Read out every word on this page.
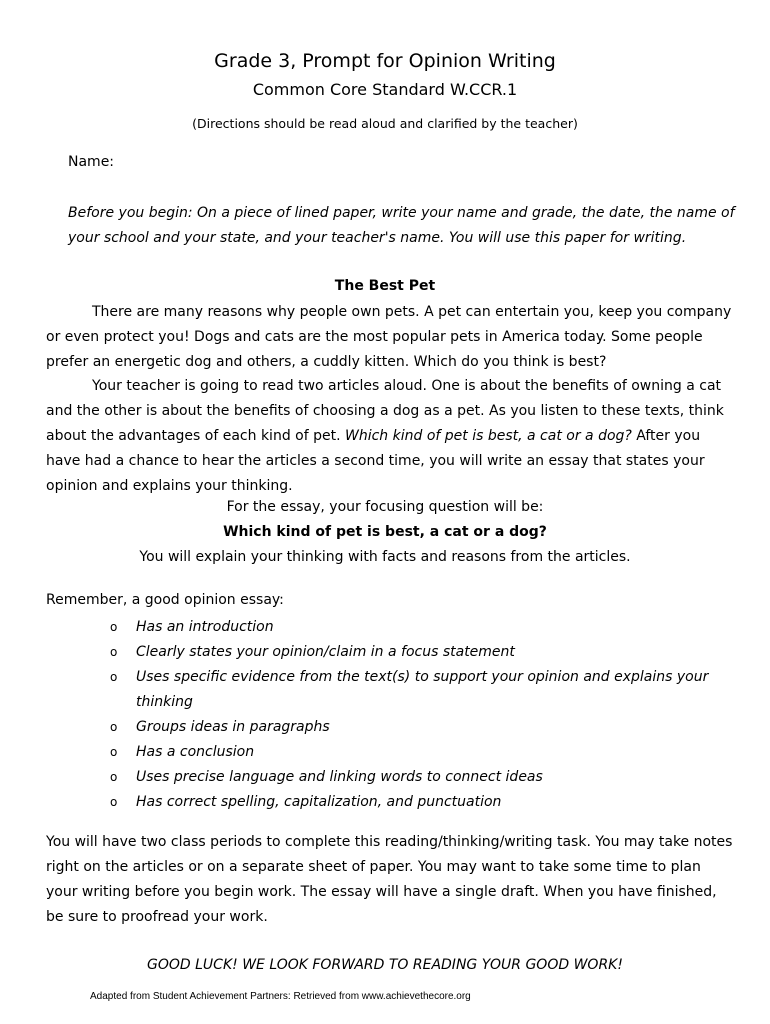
Grade 3, Prompt for Opinion Writing
Common Core Standard W.CCR.1
(Directions should be read aloud and clarified by the teacher)
Name:
Before you begin: On a piece of lined paper, write your name and grade, the date, the name of your school and your state, and your teacher's name. You will use this paper for writing.
The Best Pet
There are many reasons why people own pets. A pet can entertain you, keep you company or even protect you! Dogs and cats are the most popular pets in America today. Some people prefer an energetic dog and others, a cuddly kitten. Which do you think is best?
Your teacher is going to read two articles aloud. One is about the benefits of owning a cat and the other is about the benefits of choosing a dog as a pet. As you listen to these texts, think about the advantages of each kind of pet. Which kind of pet is best, a cat or a dog? After you have had a chance to hear the articles a second time, you will write an essay that states your opinion and explains your thinking.
For the essay, your focusing question will be:
Which kind of pet is best, a cat or a dog?
You will explain your thinking with facts and reasons from the articles.
Remember, a good opinion essay:
o Has an introduction
o Clearly states your opinion/claim in a focus statement
o Uses specific evidence from the text(s) to support your opinion and explains your thinking
o Groups ideas in paragraphs
o Has a conclusion
o Uses precise language and linking words to connect ideas
o Has correct spelling, capitalization, and punctuation
You will have two class periods to complete this reading/thinking/writing task. You may take notes right on the articles or on a separate sheet of paper. You may want to take some time to plan your writing before you begin work. The essay will have a single draft. When you have finished, be sure to proofread your work.
GOOD LUCK! WE LOOK FORWARD TO READING YOUR GOOD WORK!
Adapted from Student Achievement Partners: Retrieved from www.achievethecore.org
